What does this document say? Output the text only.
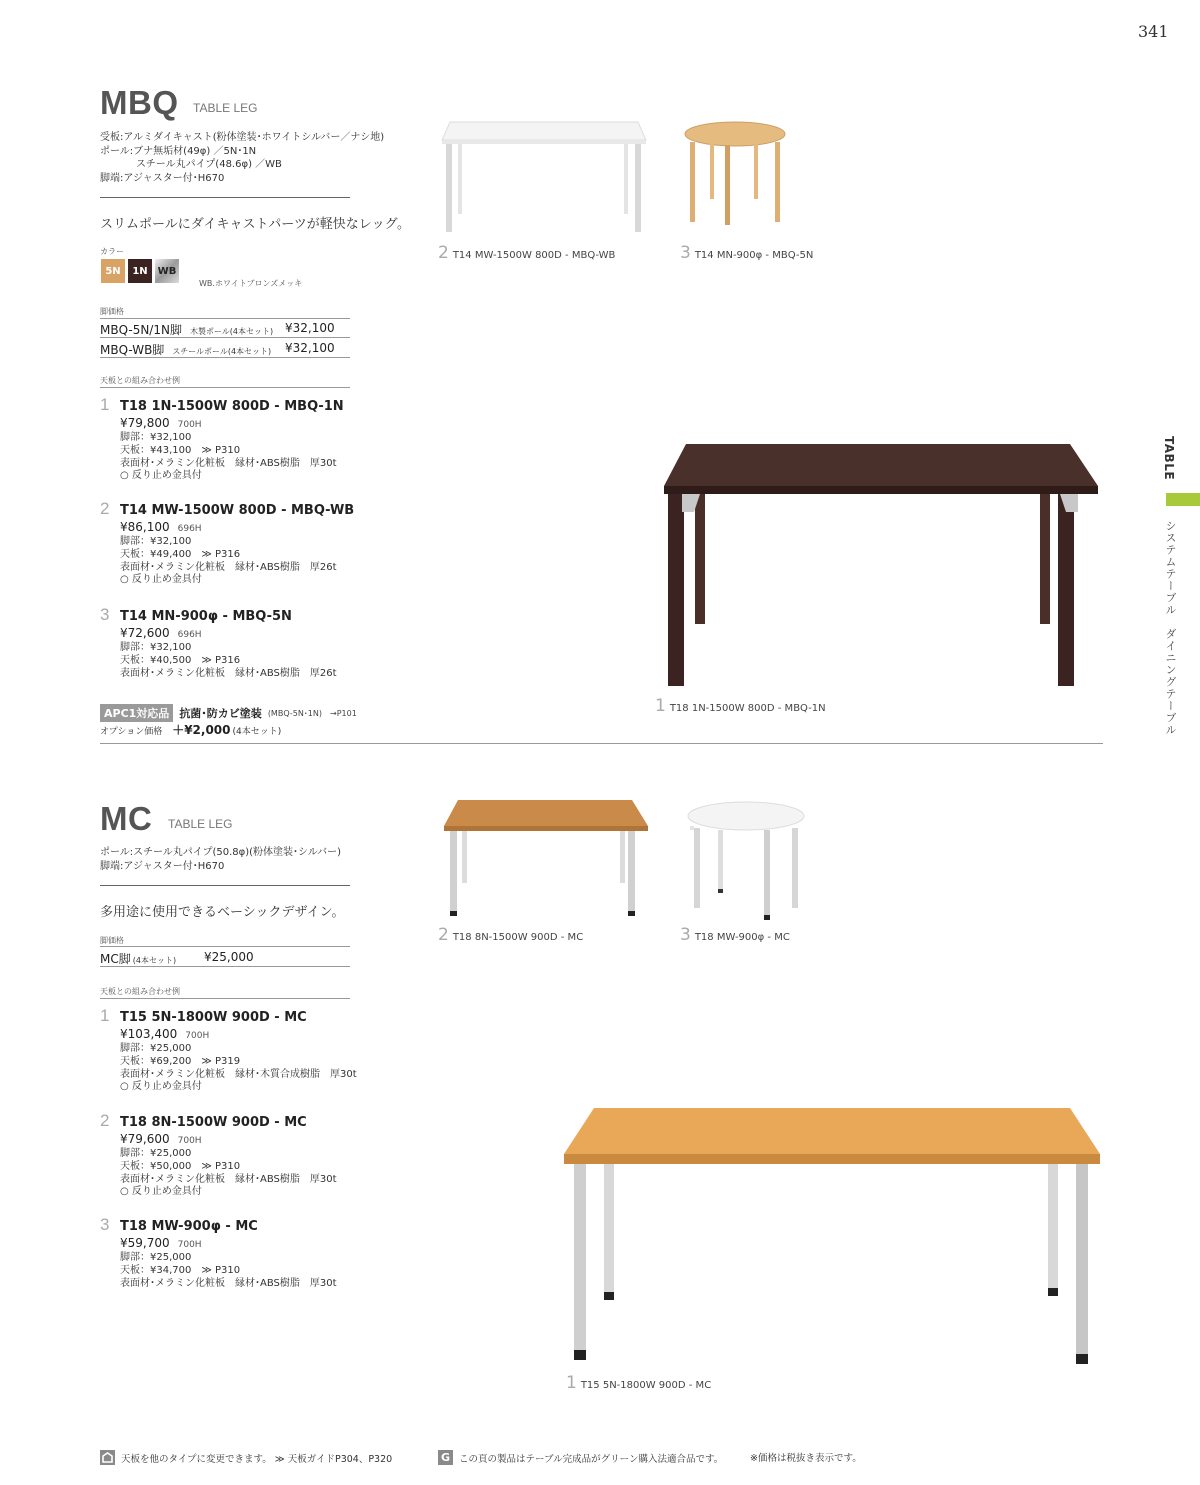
341
MBQ TABLE LEG
受板:アルミダイキャスト(粉体塗装･ホワイトシルバー／ナシ地)
ポール:ブナ無垢材(49φ) ／5N･1N
スチール丸パイプ(48.6φ) ／WB
脚端:アジャスター付･H670
スリムポールにダイキャストパーツが軽快なレッグ。
カラー
5N	1N	WB
WB.ホワイトブロンズメッキ
脚価格
MBQ-5N/1N脚 木製ポール(4本セット) ¥32,100
MBQ-WB脚 スチールポール(4本セット) ¥32,100
天板との組み合わせ例
1 T18 1N-1500W 800D - MBQ-1N
¥79,800 700H
脚部：¥32,100
天板：¥43,100　 ≫ P310
表面材･メラミン化粧板　縁材･ABS樹脂　厚30t
○ 反り止め金具付
2 T14 MW-1500W 800D - MBQ-WB
¥86,100 696H
脚部：¥32,100
天板：¥49,400　 ≫ P316
表面材･メラミン化粧板　縁材･ABS樹脂　厚26t
○ 反り止め金具付
3 T14 MN-900φ - MBQ-5N
¥72,600 696H
脚部：¥32,100
天板：¥40,500　 ≫ P316
表面材･メラミン化粧板　縁材･ABS樹脂　厚26t
APC1対応品 抗菌･防カビ塗装 (MBQ-5N･1N)　→P101
オプション価格 ＋¥2,000 (4本セット)
2 T14 MW-1500W 800D - MBQ-WB	3 T14 MN-900φ - MBQ-5N
1 T18 1N-1500W 800D - MBQ-1N
MC TABLE LEG
ポール:スチール丸パイプ(50.8φ)(粉体塗装･シルバー)
脚端:アジャスター付･H670
多用途に使用できるベーシックデザイン。
脚価格
MC脚 (4本セット) ¥25,000
天板との組み合わせ例
1 T15 5N-1800W 900D - MC
¥103,400 700H
脚部：¥25,000
天板：¥69,200　 ≫ P319
表面材･メラミン化粧板　縁材･木質合成樹脂　厚30t
○ 反り止め金具付
2 T18 8N-1500W 900D - MC
¥79,600 700H
脚部：¥25,000
天板：¥50,000　 ≫ P310
表面材･メラミン化粧板　縁材･ABS樹脂　厚30t
○ 反り止め金具付
3 T18 MW-900φ - MC
¥59,700 700H
脚部：¥25,000
天板：¥34,700　 ≫ P310
表面材･メラミン化粧板　縁材･ABS樹脂　厚30t
2 T18 8N-1500W 900D - MC	3 T18 MW-900φ - MC
1 T15 5N-1800W 900D - MC
TABLE
システムテーブル　ダイニングテーブル
天板を他のタイプに変更できます。 ≫ 天板ガイドP304、P320	G この頁の製品はテーブル完成品がグリーン購入法適合品です。	※価格は税抜き表示です。
